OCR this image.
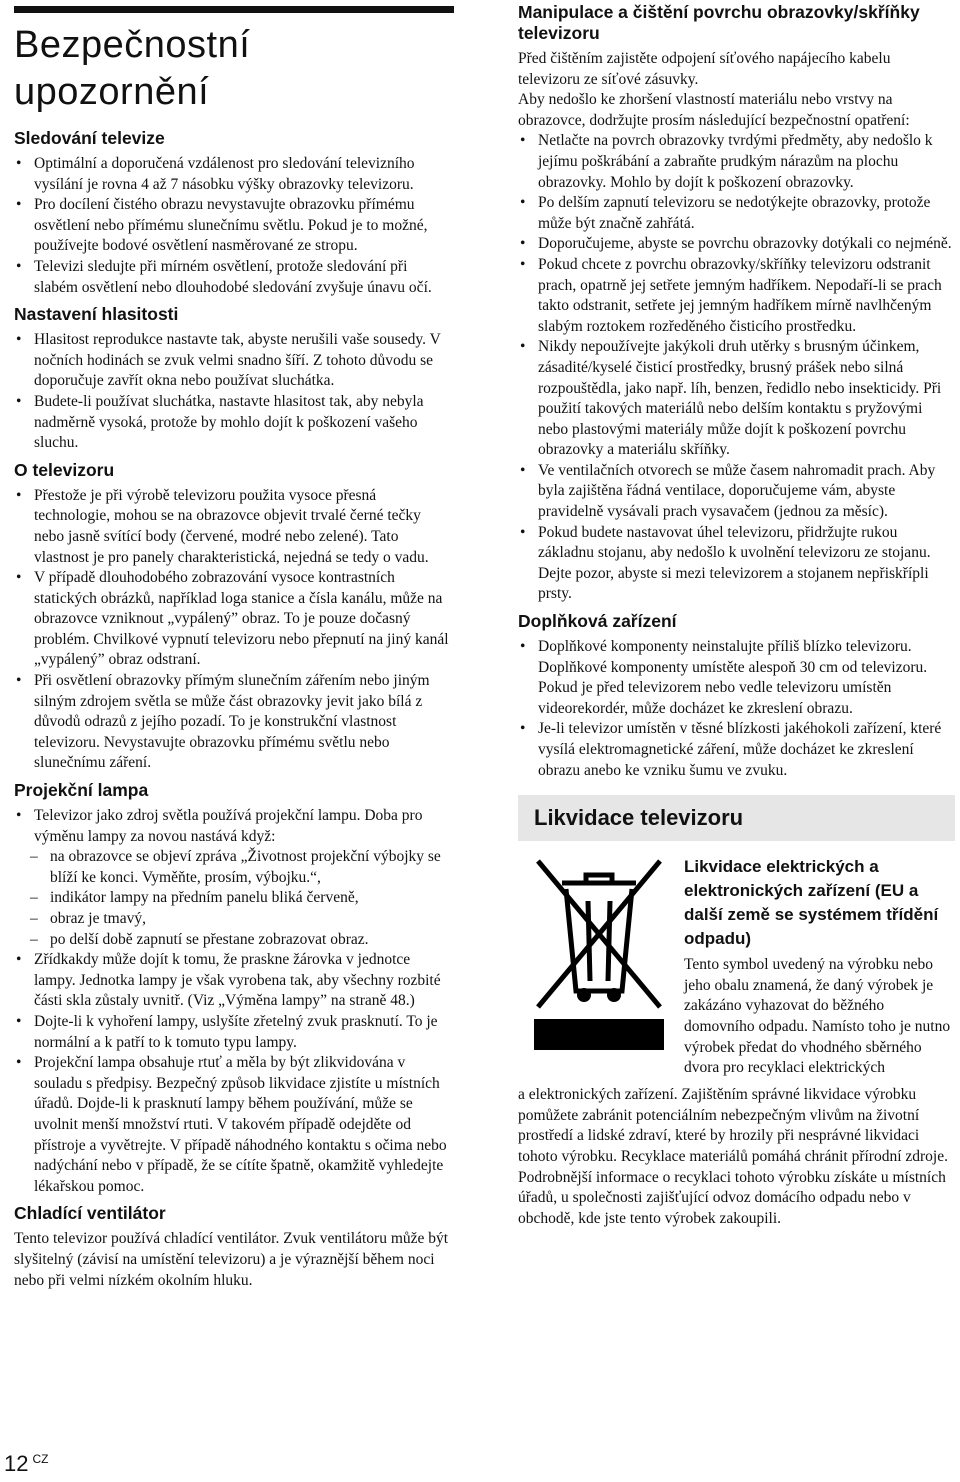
Bezpečnostní
upozornění
Sledování televize
• Optimální a doporučená vzdálenost pro sledování televizního vysílání je rovna 4 až 7 násobku výšky obrazovky televizoru.
• Pro docílení čistého obrazu nevystavujte obrazovku přímému osvětlení nebo přímému slunečnímu světlu. Pokud je to možné, používejte bodové osvětlení nasměrované ze stropu.
• Televizi sledujte při mírném osvětlení, protože sledování při slabém osvětlení nebo dlouhodobé sledování zvyšuje únavu očí.
Nastavení hlasitosti
• Hlasitost reprodukce nastavte tak, abyste nerušili vaše sousedy. V nočních hodinách se zvuk velmi snadno šíří. Z tohoto důvodu se doporučuje zavřít okna nebo používat sluchátka.
• Budete-li používat sluchátka, nastavte hlasitost tak, aby nebyla nadměrně vysoká, protože by mohlo dojít k poškození vašeho sluchu.
O televizoru
• Přestože je při výrobě televizoru použita vysoce přesná technologie, mohou se na obrazovce objevit trvalé černé tečky nebo jasně svítící body (červené, modré nebo zelené). Tato vlastnost je pro panely charakteristická, nejedná se tedy o vadu.
• V případě dlouhodobého zobrazování vysoce kontrastních statických obrázků, například loga stanice a čísla kanálu, může na obrazovce vzniknout „vypálený” obraz. To je pouze dočasný problém. Chvilkové vypnutí televizoru nebo přepnutí na jiný kanál „vypálený” obraz odstraní.
• Při osvětlení obrazovky přímým slunečním zářením nebo jiným silným zdrojem světla se může část obrazovky jevit jako bílá z důvodů odrazů z jejího pozadí. To je konstrukční vlastnost televizoru. Nevystavujte obrazovku přímému světlu nebo slunečnímu záření.
Projekční lampa
• Televizor jako zdroj světla používá projekční lampu. Doba pro výměnu lampy za novou nastává když:
– na obrazovce se objeví zpráva „Životnost projekční výbojky se blíží ke konci. Vyměňte, prosím, výbojku.“,
– indikátor lampy na předním panelu bliká červeně,
– obraz je tmavý,
– po delší době zapnutí se přestane zobrazovat obraz.
• Zřídkakdy může dojít k tomu, že praskne žárovka v jednotce lampy. Jednotka lampy je však vyrobena tak, aby všechny rozbité části skla zůstaly uvnitř. (Viz „Výměna lampy” na straně 48.)
• Dojte-li k vyhoření lampy, uslyšíte zřetelný zvuk prasknutí. To je normální a k patří to k tomuto typu lampy.
• Projekční lampa obsahuje rtuť a měla by být zlikvidována v souladu s předpisy. Bezpečný způsob likvidace zjistíte u místních úřadů. Dojde-li k prasknutí lampy během používání, může se uvolnit menší množství rtuti. V takovém případě odejděte od přístroje a vyvětrejte. V případě náhodného kontaktu s očima nebo nadýchání nebo v případě, že se cítíte špatně, okamžitě vyhledejte lékařskou pomoc.
Chladící ventilátor

Tento televizor používá chladící ventilátor. Zvuk ventilátoru může být slyšitelný (závisí na umístění televizoru) a je výraznější během noci nebo při velmi nízkém okolním hluku.

Manipulace a čištění povrchu obrazovky/skříňky televizoru

Před čištěním zajistěte odpojení síťového napájecího kabelu televizoru ze síťové zásuvky.

Aby nedošlo ke zhoršení vlastností materiálu nebo vrstvy na obrazovce, dodržujte prosím následující bezpečnostní opatření:

• Netlačte na povrch obrazovky tvrdými předměty, aby nedošlo k jejímu poškrábání a zabraňte prudkým nárazům na plochu obrazovky. Mohlo by dojít k poškození obrazovky.
• Po delším zapnutí televizoru se nedotýkejte obrazovky, protože může být značně zahřátá.
• Doporučujeme, abyste se povrchu obrazovky dotýkali co nejméně.
• Pokud chcete z povrchu obrazovky/skříňky televizoru odstranit prach, opatrně jej setřete jemným hadříkem. Nepodaří-li se prach takto odstranit, setřete jej jemným hadříkem mírně navlhčeným slabým roztokem rozředěného čisticího prostředku.
• Nikdy nepoužívejte jakýkoli druh utěrky s brusným účinkem, zásadité/kyselé čisticí prostředky, brusný prášek nebo silná rozpouštědla, jako např. líh, benzen, ředidlo nebo insekticidy. Při použití takových materiálů nebo delším kontaktu s pryžovými nebo plastovými materiály může dojít k poškození povrchu obrazovky a materiálu skříňky.
• Ve ventilačních otvorech se může časem nahromadit prach. Aby byla zajištěna řádná ventilace, doporučujeme vám, abyste pravidelně vysávali prach vysavačem (jednou za měsíc).
• Pokud budete nastavovat úhel televizoru, přidržujte rukou základnu stojanu, aby nedošlo k uvolnění televizoru ze stojanu. Dejte pozor, abyste si mezi televizorem a stojanem nepřiskřípli prsty.
Doplňková zařízení
• Doplňkové komponenty neinstalujte příliš blízko televizoru. Doplňkové komponenty umístěte alespoň 30 cm od televizoru. Pokud je před televizorem nebo vedle televizoru umístěn videorekordér, může docházet ke zkreslení obrazu.
• Je-li televizor umístěn v těsné blízkosti jakéhokoli zařízení, které vysílá elektromagnetické záření, může docházet ke zkreslení obrazu anebo ke vzniku šumu ve zvuku.
Likvidace televizoru
Likvidace elektrických a elektronických zařízení (EU a další země se systémem třídění odpadu)

Tento symbol uvedený na výrobku nebo jeho obalu znamená, že daný výrobek je zakázáno vyhazovat do běžného domovního odpadu. Namísto toho je nutno výrobek předat do vhodného sběrného dvora pro recyklaci elektrických

a elektronických zařízení. Zajištěním správné likvidace výrobku pomůžete zabránit potenciálním nebezpečným vlivům na životní prostředí a lidské zdraví, které by hrozily při nesprávné likvidaci tohoto výrobku. Recyklace materiálů pomáhá chránit přírodní zdroje. Podrobnější informace o recyklaci tohoto výrobku získáte u místních úřadů, u společnosti zajišťující odvoz domácího odpadu nebo v obchodě, kde jste tento výrobek zakoupili.

12 $^{CZ}$
